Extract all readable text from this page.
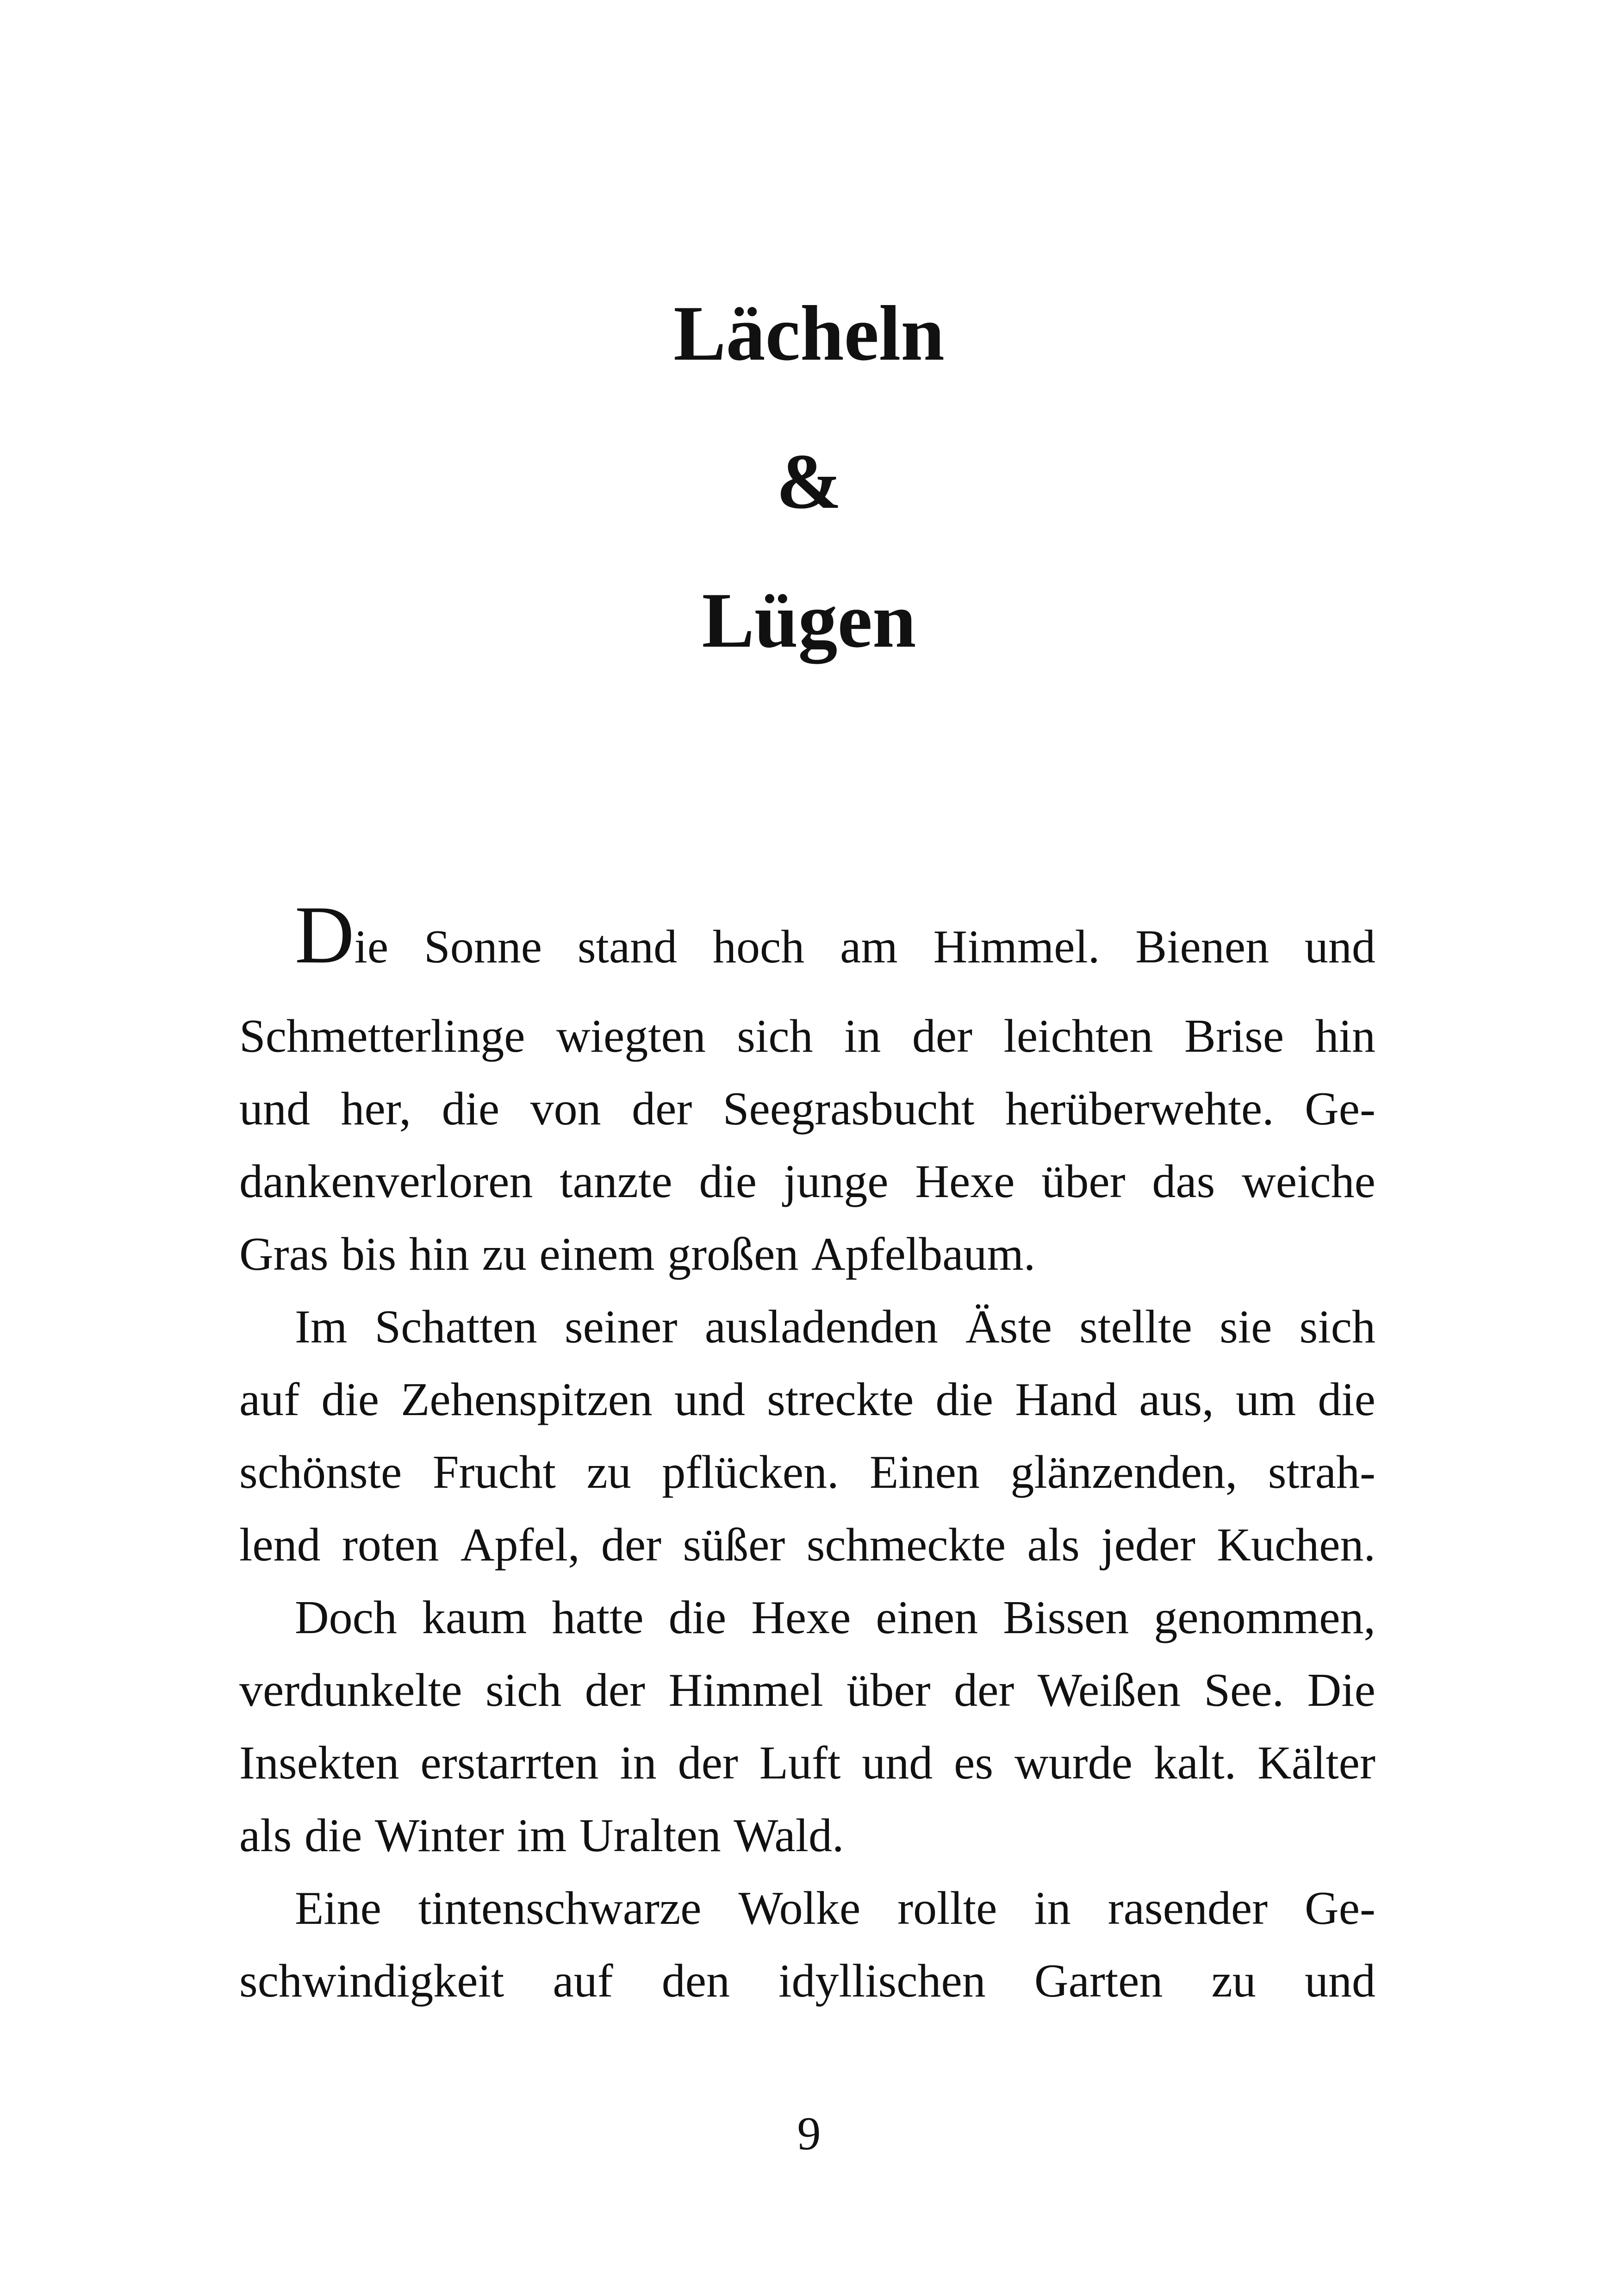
Lächeln
&
Lügen
D ie Sonne stand hoch am Himmel. Bienen und
Schmetterlinge wiegten sich in der leichten Brise hin
und her, die von der Seegrasbucht herüberwehte. Ge-
dankenverloren tanzte die junge Hexe über das weiche
Gras bis hin zu einem großen Apfelbaum.
Im Schatten seiner ausladenden Äste stellte sie sich
auf die Zehenspitzen und streckte die Hand aus, um die
schönste Frucht zu pflücken. Einen glänzenden, strah-
lend roten Apfel, der süßer schmeckte als jeder Kuchen.
Doch kaum hatte die Hexe einen Bissen genommen,
verdunkelte sich der Himmel über der Weißen See. Die
Insekten erstarrten in der Luft und es wurde kalt. Kälter
als die Winter im Uralten Wald.
Eine tintenschwarze Wolke rollte in rasender Ge-
schwindigkeit auf den idyllischen Garten zu und
9
